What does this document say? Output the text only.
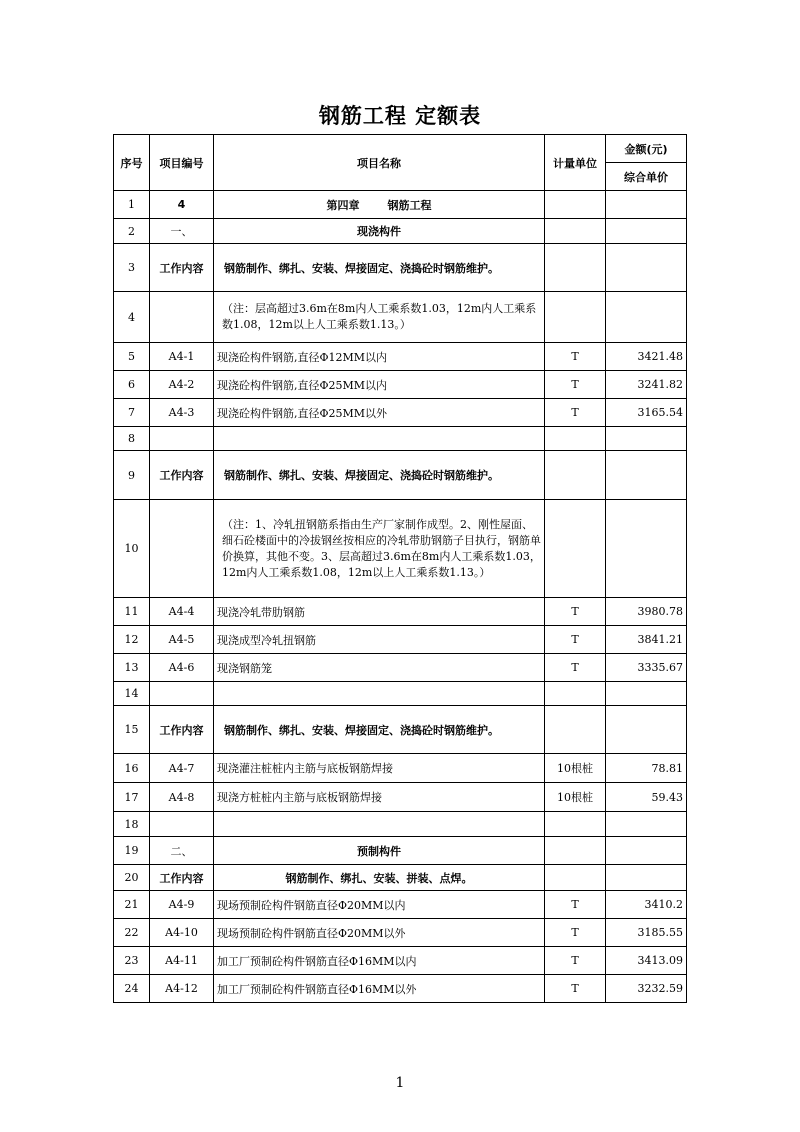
钢筋工程 定额表
序号	项目编号	项目名称	计量单位	金额(元)
				综合单价
1	4	第四章 钢筋工程		
2	一、	现浇构件		
3	工作内容	钢筋制作、绑扎、安装、焊接固定、浇捣砼时钢筋维护。		
4		（注：层高超过3.6m在8m内人工乘系数1.03，12m内人工乘系数1.08，12m以上人工乘系数1.13。）		
5	A4-1	现浇砼构件钢筋,直径Φ12MM以内	T	3421.48
6	A4-2	现浇砼构件钢筋,直径Φ25MM以内	T	3241.82
7	A4-3	现浇砼构件钢筋,直径Φ25MM以外	T	3165.54
8				
9	工作内容	钢筋制作、绑扎、安装、焊接固定、浇捣砼时钢筋维护。		
10		（注：1、冷轧扭钢筋系指由生产厂家制作成型。2、刚性屋面、细石砼楼面中的冷拔钢丝按相应的冷轧带肋钢筋子目执行，钢筋单价换算，其他不变。3、层高超过3.6m在8m内人工乘系数1.03，12m内人工乘系数1.08，12m以上人工乘系数1.13。）		
11	A4-4	现浇冷轧带肋钢筋	T	3980.78
12	A4-5	现浇成型冷轧扭钢筋	T	3841.21
13	A4-6	现浇钢筋笼	T	3335.67
14				
15	工作内容	钢筋制作、绑扎、安装、焊接固定、浇捣砼时钢筋维护。		
16	A4-7	现浇灌注桩桩内主筋与底板钢筋焊接	10根桩	78.81
17	A4-8	现浇方桩桩内主筋与底板钢筋焊接	10根桩	59.43
18				
19	二、	预制构件		
20	工作内容	钢筋制作、绑扎、安装、拼装、点焊。		
21	A4-9	现场预制砼构件钢筋直径Φ20MM以内	T	3410.2
22	A4-10	现场预制砼构件钢筋直径Φ20MM以外	T	3185.55
23	A4-11	加工厂预制砼构件钢筋直径Φ16MM以内	T	3413.09
24	A4-12	加工厂预制砼构件钢筋直径Φ16MM以外	T	3232.59

1
